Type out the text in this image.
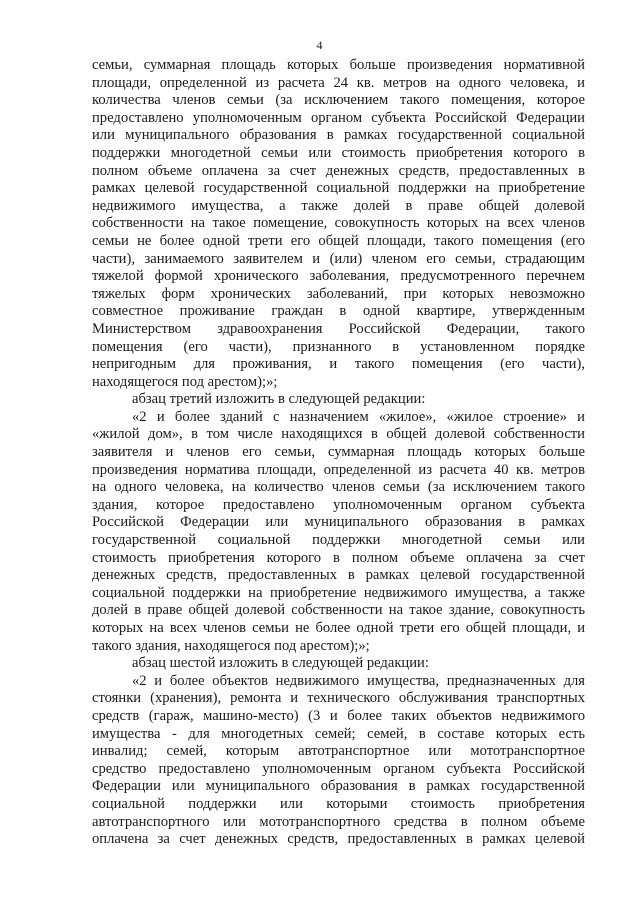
4
семьи, суммарная площадь которых больше произведения нормативной
площади, определенной из расчета 24 кв. метров на одного человека, и
количества членов семьи (за исключением такого помещения, которое
предоставлено уполномоченным органом субъекта Российской Федерации
или муниципального образования в рамках государственной социальной
поддержки многодетной семьи или стоимость приобретения которого в
полном объеме оплачена за счет денежных средств, предоставленных в
рамках целевой государственной социальной поддержки на приобретение
недвижимого имущества, а также долей в праве общей долевой
собственности на такое помещение, совокупность которых на всех членов
семьи не более одной трети его общей площади, такого помещения (его
части), занимаемого заявителем и (или) членом его семьи, страдающим
тяжелой формой хронического заболевания, предусмотренного перечнем
тяжелых форм хронических заболеваний, при которых невозможно
совместное проживание граждан в одной квартире, утвержденным
Министерством здравоохранения Российской Федерации, такого
помещения (его части), признанного в установленном порядке
непригодным для проживания, и такого помещения (его части),
находящегося под арестом);»;
абзац третий изложить в следующей редакции:
«2 и более зданий с назначением «жилое», «жилое строение» и
«жилой дом», в том числе находящихся в общей долевой собственности
заявителя и членов его семьи, суммарная площадь которых больше
произведения норматива площади, определенной из расчета 40 кв. метров
на одного человека, на количество членов семьи (за исключением такого
здания, которое предоставлено уполномоченным органом субъекта
Российской Федерации или муниципального образования в рамках
государственной социальной поддержки многодетной семьи или
стоимость приобретения которого в полном объеме оплачена за счет
денежных средств, предоставленных в рамках целевой государственной
социальной поддержки на приобретение недвижимого имущества, а также
долей в праве общей долевой собственности на такое здание, совокупность
которых на всех членов семьи не более одной трети его общей площади, и
такого здания, находящегося под арестом);»;
абзац шестой изложить в следующей редакции:
«2 и более объектов недвижимого имущества, предназначенных для
стоянки (хранения), ремонта и технического обслуживания транспортных
средств (гараж, машино-место) (3 и более таких объектов недвижимого
имущества - для многодетных семей; семей, в составе которых есть
инвалид; семей, которым автотранспортное или мототранспортное
средство предоставлено уполномоченным органом субъекта Российской
Федерации или муниципального образования в рамках государственной
социальной поддержки или которыми стоимость приобретения
автотранспортного или мототранспортного средства в полном объеме
оплачена за счет денежных средств, предоставленных в рамках целевой
